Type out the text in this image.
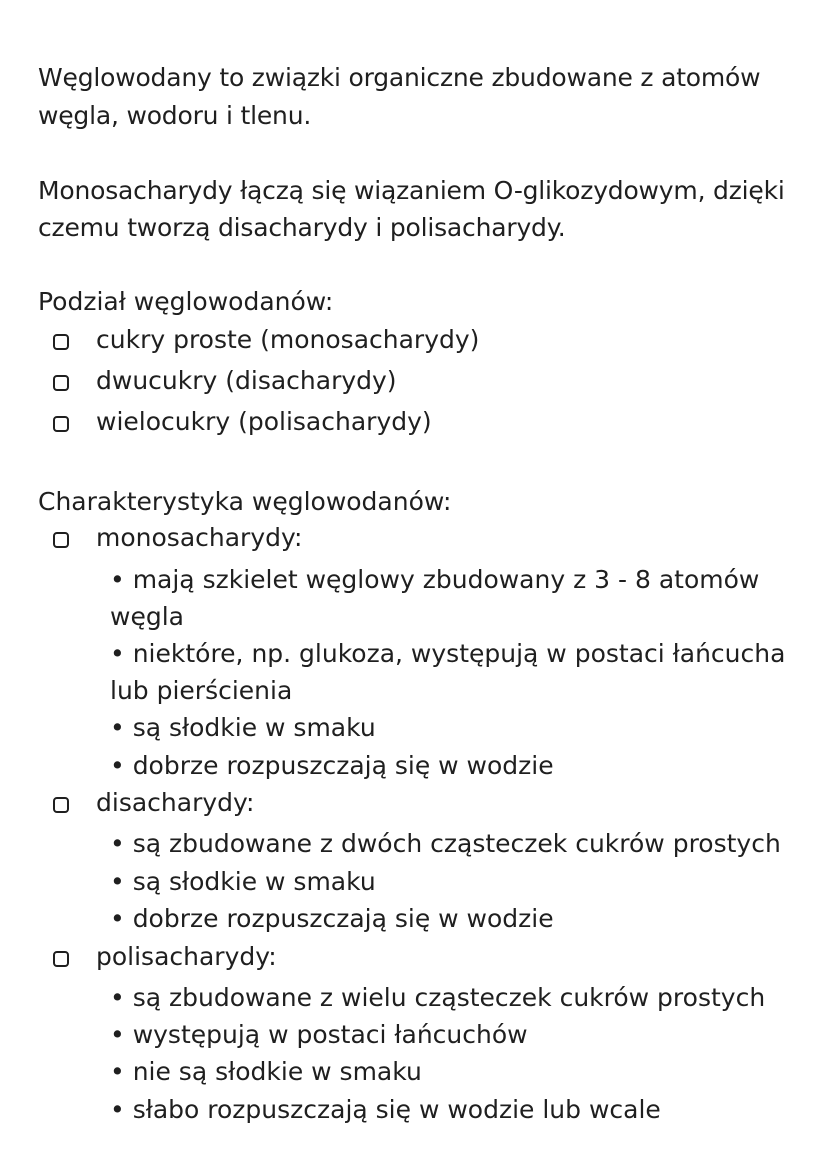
Węglowodany to związki organiczne zbudowane z atomów
węgla, wodoru i tlenu.
Monosacharydy łączą się wiązaniem O-glikozydowym, dzięki
czemu tworzą disacharydy i polisacharydy.
Podział węglowodanów:
cukry proste (monosacharydy)
dwucukry (disacharydy)
wielocukry (polisacharydy)
Charakterystyka węglowodanów:
monosacharydy:
• mają szkielet węglowy zbudowany z 3 - 8 atomów
węgla
• niektóre, np. glukoza, występują w postaci łańcucha
lub pierścienia
• są słodkie w smaku
• dobrze rozpuszczają się w wodzie
disacharydy:
• są zbudowane z dwóch cząsteczek cukrów prostych
• są słodkie w smaku
• dobrze rozpuszczają się w wodzie
polisacharydy:
• są zbudowane z wielu cząsteczek cukrów prostych
• występują w postaci łańcuchów
• nie są słodkie w smaku
• słabo rozpuszczają się w wodzie lub wcale
